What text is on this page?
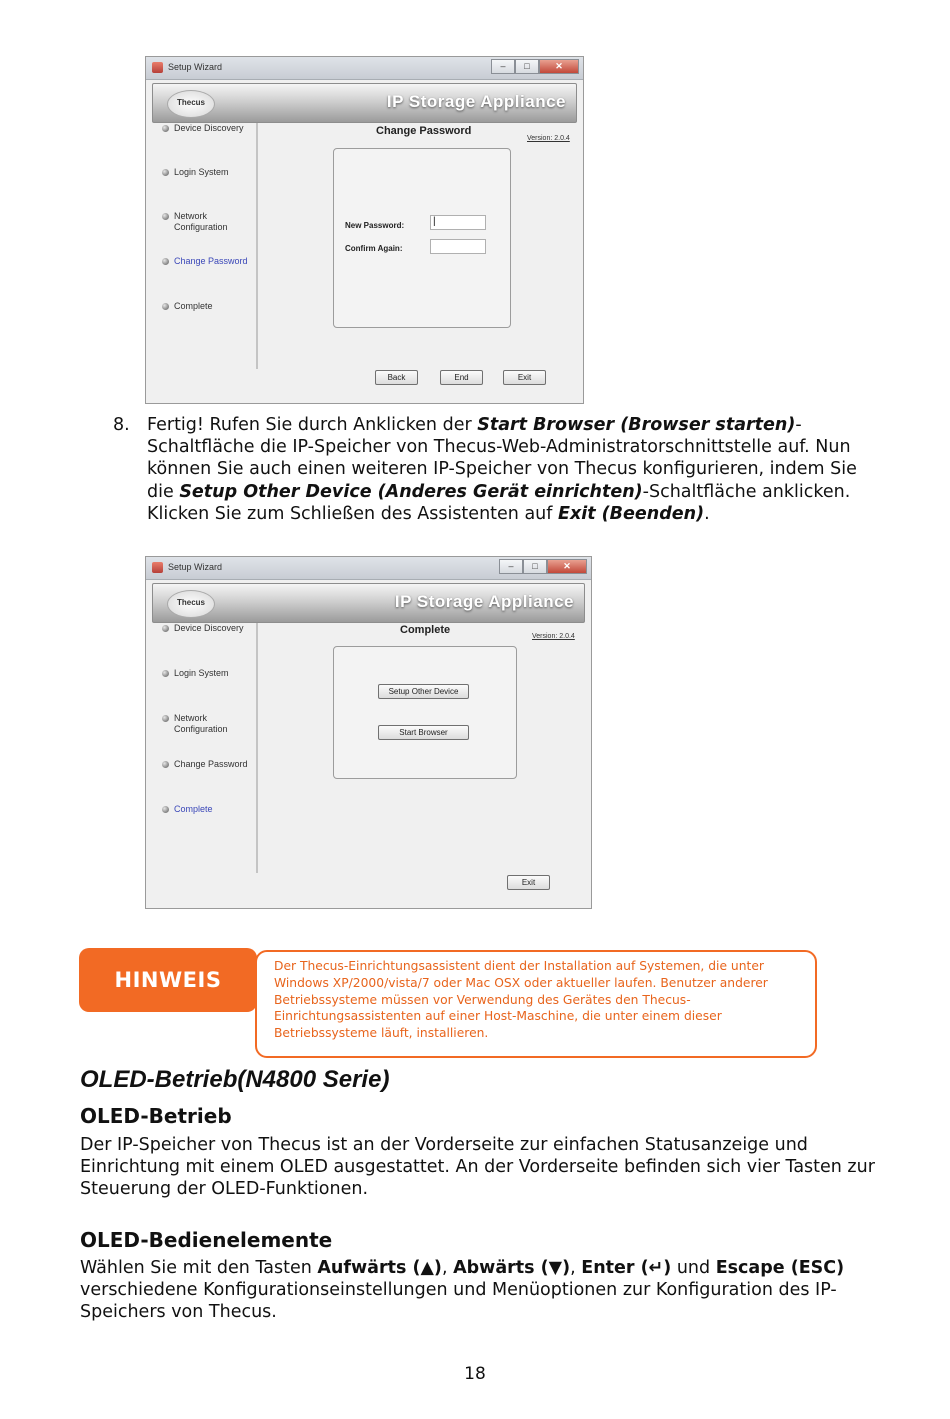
Setup Wizard	–	□	✕
Thecus	IP Storage Appliance
Device Discovery
Login System
Network Configuration
Change Password
Complete
Change Password
Version: 2.0.4
New Password:	|
Confirm Again:
Back	End	Exit
8. Fertig! Rufen Sie durch Anklicken der Start Browser (Browser starten)-Schaltfläche die IP-Speicher von Thecus-Web-Administratorschnittstelle auf. Nun können Sie auch einen weiteren IP-Speicher von Thecus konfigurieren, indem Sie die Setup Other Device (Anderes Gerät einrichten)-Schaltfläche anklicken. Klicken Sie zum Schließen des Assistenten auf Exit (Beenden).
Setup Wizard	–	□	✕
Thecus	IP Storage Appliance
Device Discovery
Login System
Network Configuration
Change Password
Complete
Complete
Version: 2.0.4
Setup Other Device
Start Browser
Exit
HINWEIS
Der Thecus-Einrichtungsassistent dient der Installation auf Systemen, die unter Windows XP/2000/vista/7 oder Mac OSX oder aktueller laufen. Benutzer anderer Betriebssysteme müssen vor Verwendung des Gerätes den Thecus-Einrichtungsassistenten auf einer Host-Maschine, die unter einem dieser Betriebssysteme läuft, installieren.
OLED-Betrieb(N4800 Serie)
OLED-Betrieb
Der IP-Speicher von Thecus ist an der Vorderseite zur einfachen Statusanzeige und Einrichtung mit einem OLED ausgestattet. An der Vorderseite befinden sich vier Tasten zur Steuerung der OLED-Funktionen.
OLED-Bedienelemente
Wählen Sie mit den Tasten Aufwärts (▲), Abwärts (▼), Enter (↵) und Escape (ESC) verschiedene Konfigurationseinstellungen und Menüoptionen zur Konfiguration des IP-Speichers von Thecus.
18
